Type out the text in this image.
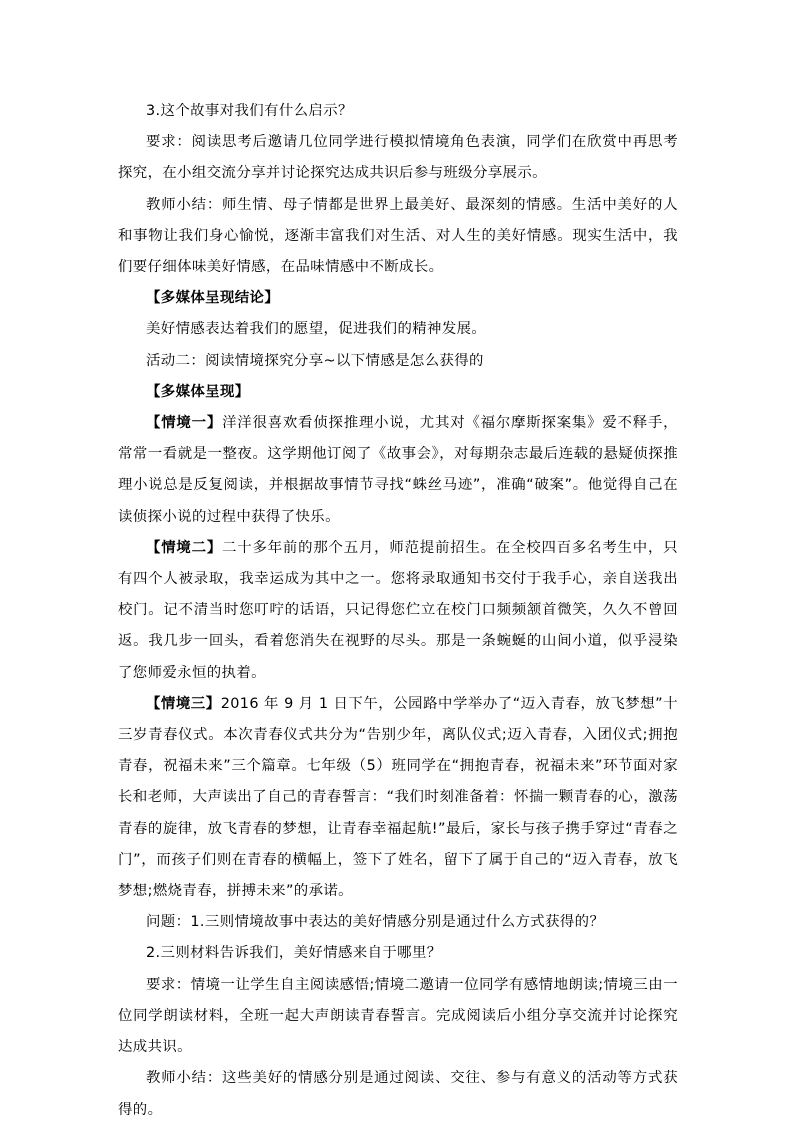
3.这个故事对我们有什么启示？

要求：阅读思考后邀请几位同学进行模拟情境角色表演，同学们在欣赏中再思考探究，在小组交流分享并讨论探究达成共识后参与班级分享展示。

教师小结：师生情、母子情都是世界上最美好、最深刻的情感。生活中美好的人和事物让我们身心愉悦，逐渐丰富我们对生活、对人生的美好情感。现实生活中，我们要仔细体味美好情感，在品味情感中不断成长。

【多媒体呈现结论】

美好情感表达着我们的愿望，促进我们的精神发展。

活动二：阅读情境探究分享~以下情感是怎么获得的

【多媒体呈现】

【情境一】洋洋很喜欢看侦探推理小说，尤其对《福尔摩斯探案集》爱不释手，常常一看就是一整夜。这学期他订阅了《故事会》，对每期杂志最后连载的悬疑侦探推理小说总是反复阅读，并根据故事情节寻找“蛛丝马迹”，准确“破案”。他觉得自己在读侦探小说的过程中获得了快乐。

【情境二】二十多年前的那个五月，师范提前招生。在全校四百多名考生中，只有四个人被录取，我幸运成为其中之一。您将录取通知书交付于我手心，亲自送我出校门。记不清当时您叮咛的话语，只记得您伫立在校门口频频颔首微笑，久久不曾回返。我几步一回头，看着您消失在视野的尽头。那是一条蜿蜒的山间小道，似乎浸染了您师爱永恒的执着。

【情境三】2016 年 9 月 1 日下午，公园路中学举办了“迈入青春，放飞梦想”十三岁青春仪式。本次青春仪式共分为“告别少年，离队仪式;迈入青春，入团仪式;拥抱青春，祝福未来”三个篇章。七年级（5）班同学在“拥抱青春，祝福未来”环节面对家长和老师，大声读出了自己的青春誓言：“我们时刻准备着：怀揣一颗青春的心，激荡青春的旋律，放飞青春的梦想，让青春幸福起航!”最后，家长与孩子携手穿过“青春之门”，而孩子们则在青春的横幅上，签下了姓名，留下了属于自己的“迈入青春，放飞梦想;燃烧青春，拼搏未来”的承诺。

问题：1.三则情境故事中表达的美好情感分别是通过什么方式获得的？

2.三则材料告诉我们，美好情感来自于哪里？

要求：情境一让学生自主阅读感悟;情境二邀请一位同学有感情地朗读;情境三由一位同学朗读材料，全班一起大声朗读青春誓言。完成阅读后小组分享交流并讨论探究达成共识。

教师小结：这些美好的情感分别是通过阅读、交往、参与有意义的活动等方式获得的。
